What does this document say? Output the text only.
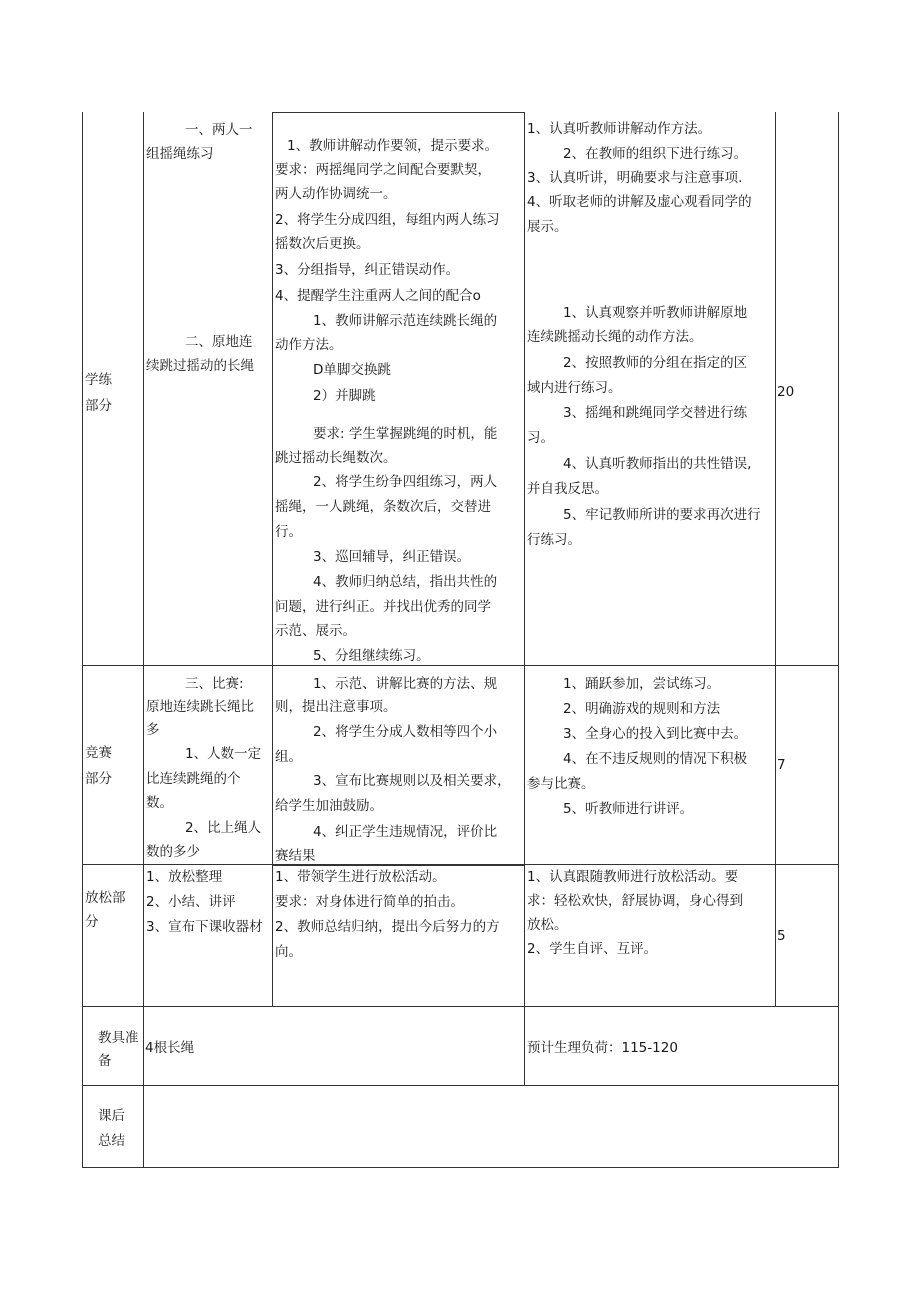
学练
部分
一、两人一
组摇绳练习
二、原地连
续跳过摇动的长绳
1、教师讲解动作要领，提示要求。
要求：两摇绳同学之间配合要默契，
两人动作协调统一。
2、将学生分成四组，每组内两人练习
摇数次后更换。
3、分组指导，纠正错误动作。
4、提醒学生注重两人之间的配合o
1、教师讲解示范连续跳长绳的
动作方法。
D单脚交换跳
2）并脚跳
要求: 学生掌握跳绳的时机，能
跳过摇动长绳数次。
2、将学生纷争四组练习，两人
摇绳，一人跳绳，条数次后，交替进
行。
3、巡回辅导，纠正错误。
4、教师归纳总结，指出共性的
问题，进行纠正。并找出优秀的同学
示范、展示。
5、分组继续练习。
1、认真听教师讲解动作方法。
2、在教师的组织下进行练习。
3、认真听讲，明确要求与注意事项.
4、听取老师的讲解及虚心观看同学的
展示。
1、认真观察并听教师讲解原地
连续跳摇动长绳的动作方法。
2、按照教师的分组在指定的区
域内进行练习。
3、摇绳和跳绳同学交替进行练
习。
4、认真听教师指出的共性错误,
并自我反思。
5、牢记教师所讲的要求再次进行
行练习。
20
竞赛
部分
三、比赛:
原地连续跳长绳比
多
1、人数一定
比连续跳绳的个
数。
2、比上绳人
数的多少
1、示范、讲解比赛的方法、规
则，提出注意事项。
2、将学生分成人数相等四个小
组。
3、宣布比赛规则以及相关要求，
给学生加油鼓励。
4、纠正学生违规情况，评价比
赛结果
1、踊跃参加，尝试练习。
2、明确游戏的规则和方法
3、全身心的投入到比赛中去。
4、在不违反规则的情况下积极
参与比赛。
5、听教师进行讲评。
7
放松部
分
1、放松整理
2、小结、讲评
3、宣布下课收器材
1、带领学生进行放松活动。
要求：对身体进行简单的拍击。
2、教师总结归纳，提出今后努力的方
向。
1、认真跟随教师进行放松活动。要
求：轻松欢快，舒展协调，身心得到
放松。
2、学生自评、互评。
5
教具准
备
4根长绳	预计生理负荷：115-120
课后
总结
